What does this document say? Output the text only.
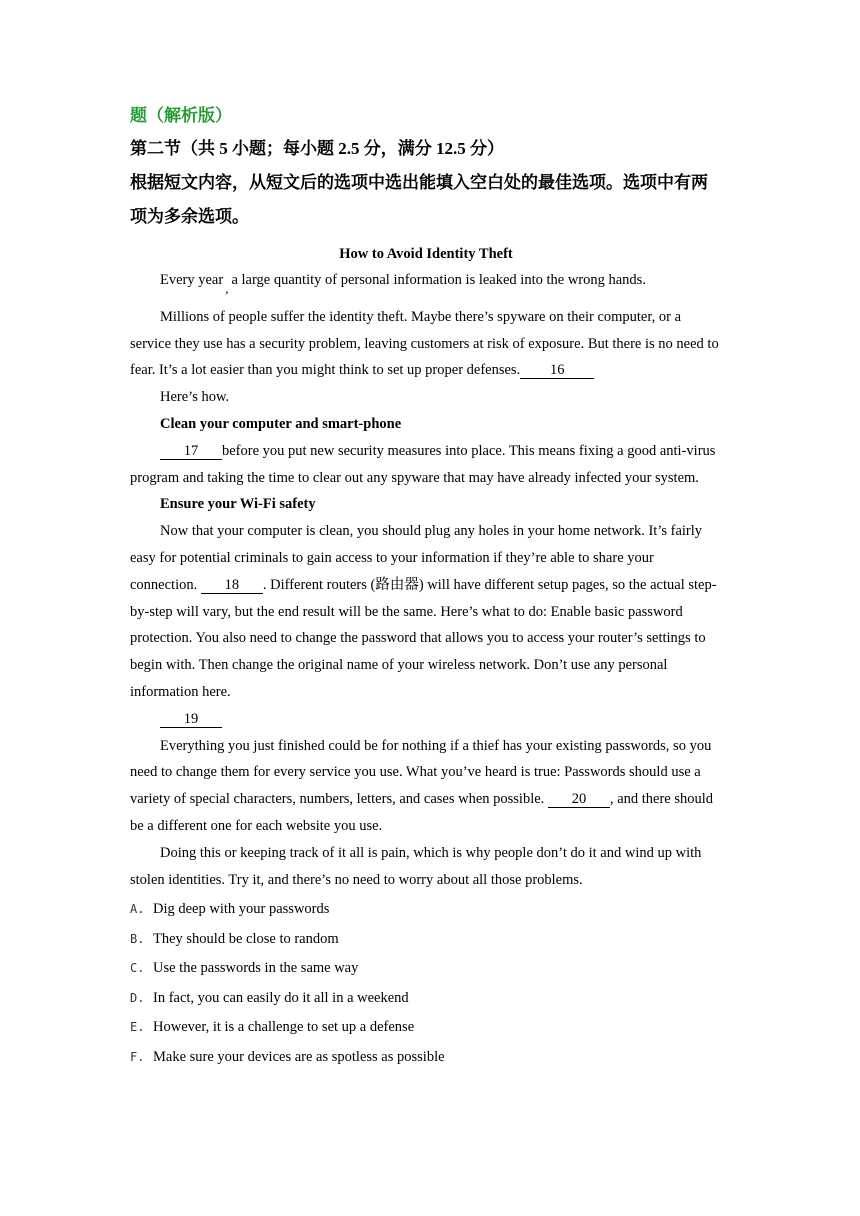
题（解析版）
第二节（共 5 小题；每小题 2.5 分，满分 12.5 分）
根据短文内容，从短文后的选项中选出能填入空白处的最佳选项。选项中有两项为多余选项。
How to Avoid Identity Theft

Every year,a large quantity of personal information is leaked into the wrong hands.

Millions of people suffer the identity theft. Maybe there’s spyware on their computer, or a service they use has a security problem, leaving customers at risk of exposure. But there is no need to fear. It’s a lot easier than you might think to set up proper defenses. 16

Here’s how.

Clean your computer and smart-phone

17 before you put new security measures into place. This means fixing a good anti-virus program and taking the time to clear out any spyware that may have already infected your system.

Ensure your Wi-Fi safety

Now that your computer is clean, you should plug any holes in your home network. It’s fairly easy for potential criminals to gain access to your information if they’re able to share your connection. 18 . Different routers (路由器) will have different setup pages, so the actual step-by-step will vary, but the end result will be the same. Here’s what to do: Enable basic password protection. You also need to change the password that allows you to access your router’s settings to begin with. Then change the original name of your wireless network. Don’t use any personal information here.

19

Everything you just finished could be for nothing if a thief has your existing passwords, so you need to change them for every service you use. What you’ve heard is true: Passwords should use a variety of special characters, numbers, letters, and cases when possible. 20 , and there should be a different one for each website you use.

Doing this or keeping track of it all is pain, which is why people don’t do it and wind up with stolen identities. Try it, and there’s no need to worry about all those problems.

A. Dig deep with your passwords
B. They should be close to random
C. Use the passwords in the same way
D. In fact, you can easily do it all in a weekend
E. However, it is a challenge to set up a defense
F. Make sure your devices are as spotless as possible
